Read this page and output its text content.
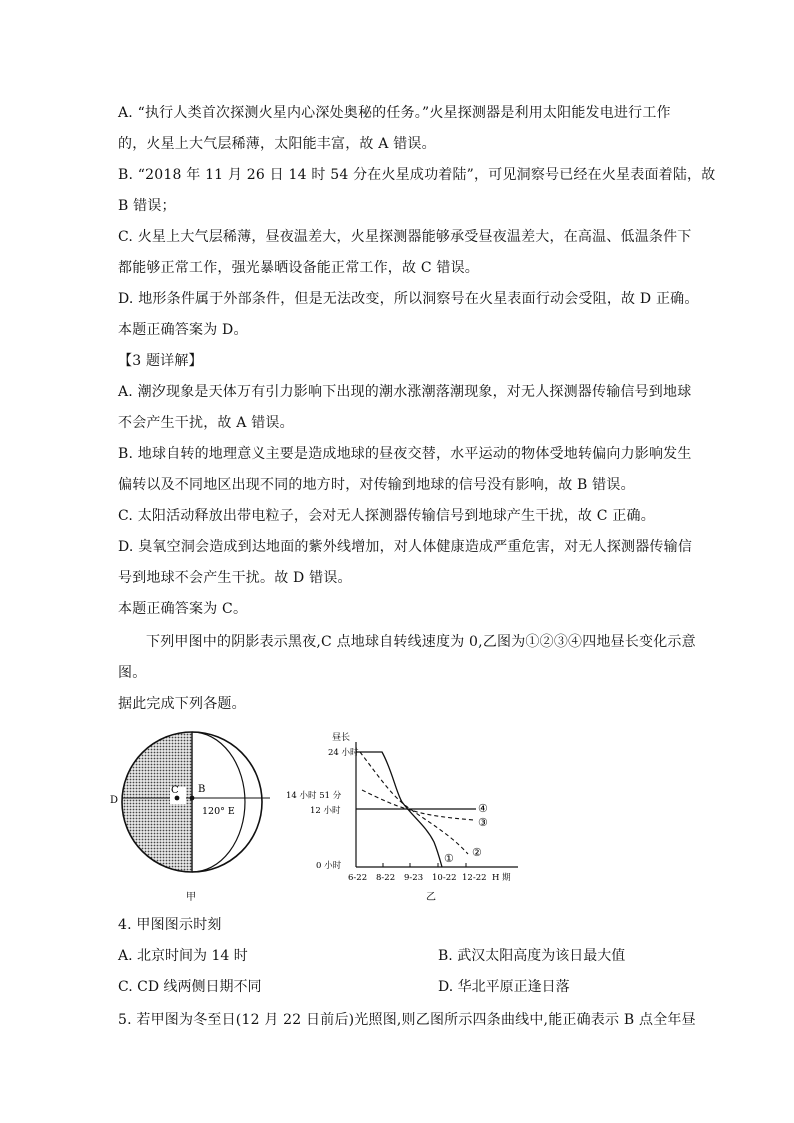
A. “执行人类首次探测火星内心深处奥秘的任务。”火星探测器是利用太阳能发电进行工作
的，火星上大气层稀薄，太阳能丰富，故 A 错误。
B. “2018 年 11 月 26 日 14 时 54 分在火星成功着陆”，可见洞察号已经在火星表面着陆，故
B 错误；
C. 火星上大气层稀薄，昼夜温差大，火星探测器能够承受昼夜温差大，在高温、低温条件下
都能够正常工作，强光暴晒设备能正常工作，故 C 错误。
D. 地形条件属于外部条件，但是无法改变，所以洞察号在火星表面行动会受阻，故 D 正确。
本题正确答案为 D。
【3 题详解】
A. 潮汐现象是天体万有引力影响下出现的潮水涨潮落潮现象，对无人探测器传输信号到地球
不会产生干扰，故 A 错误。
B. 地球自转的地理意义主要是造成地球的昼夜交替，水平运动的物体受地转偏向力影响发生
偏转以及不同地区出现不同的地方时，对传输到地球的信号没有影响，故 B 错误。
C. 太阳活动释放出带电粒子，会对无人探测器传输信号到地球产生干扰，故 C 正确。
D. 臭氧空洞会造成到达地面的紫外线增加，对人体健康造成严重危害，对无人探测器传输信
号到地球不会产生干扰。故 D 错误。
本题正确答案为 C。
下列甲图中的阴影表示黑夜,C 点地球自转线速度为 0,乙图为①②③④四地昼长变化示意
图。
据此完成下列各题。
D
C B
120° E
甲
昼长
24 小时
14 小时 51 分
12 小时
0 小时
6-22 8-22 9-23 10-22 12-22 H 期
① ②
③
④
乙
4. 甲图图示时刻
A. 北京时间为 14 时	B. 武汉太阳高度为该日最大值
C. CD 线两侧日期不同	D. 华北平原正逢日落
5. 若甲图为冬至日(12 月 22 日前后)光照图,则乙图所示四条曲线中,能正确表示 B 点全年昼
